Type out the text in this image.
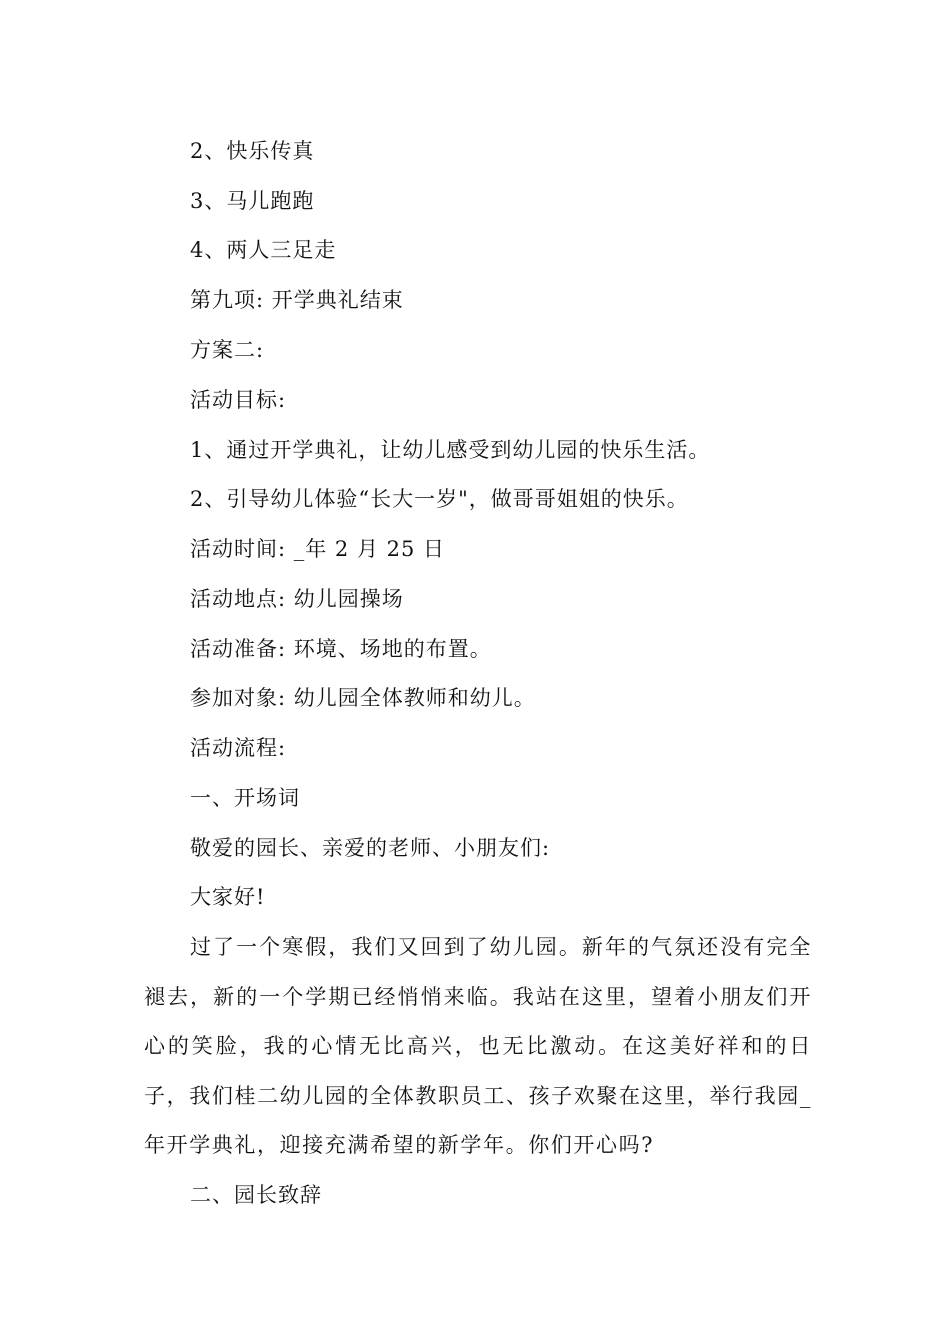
2、快乐传真
3、马儿跑跑
4、两人三足走
第九项: 开学典礼结束
方案二:
活动目标:
1、通过开学典礼，让幼儿感受到幼儿园的快乐生活。
2、引导幼儿体验“长大一岁"，做哥哥姐姐的快乐。
活动时间: _年 2 月 25 日
活动地点: 幼儿园操场
活动准备: 环境、场地的布置。
参加对象: 幼儿园全体教师和幼儿。
活动流程:
一、开场词
敬爱的园长、亲爱的老师、小朋友们:
大家好!
过了一个寒假，我们又回到了幼儿园。新年的气氛还没有完全褪去，新的一个学期已经悄悄来临。我站在这里，望着小朋友们开心的笑脸，我的心情无比高兴，也无比激动。在这美好祥和的日子，我们桂二幼儿园的全体教职员工、孩子欢聚在这里，举行我园_年开学典礼，迎接充满希望的新学年。你们开心吗?
二、园长致辞
